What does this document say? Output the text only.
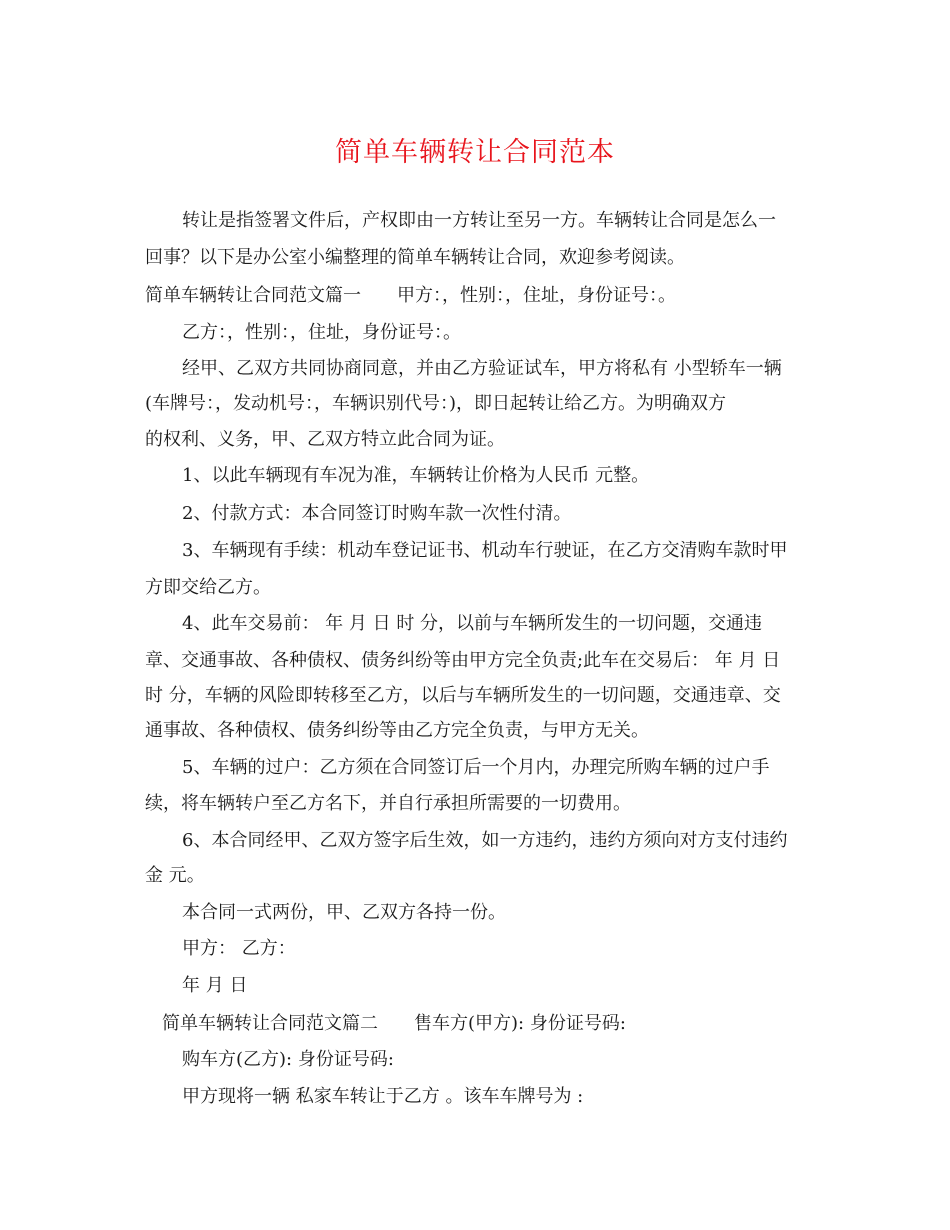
简单车辆转让合同范本
转让是指签署文件后，产权即由一方转让至另一方。车辆转让合同是怎么一
回事？以下是办公室小编整理的简单车辆转让合同，欢迎参考阅读。
简单车辆转让合同范文篇一　　甲方：，性别：，住址，身份证号：。
乙方：，性别：，住址，身份证号：。
经甲、乙双方共同协商同意，并由乙方验证试车，甲方将私有 小型轿车一辆
(车牌号：，发动机号：，车辆识别代号：)，即日起转让给乙方。为明确双方
的权利、义务，甲、乙双方特立此合同为证。
1、以此车辆现有车况为准，车辆转让价格为人民币 元整。
2、付款方式：本合同签订时购车款一次性付清。
3、车辆现有手续：机动车登记证书、机动车行驶证，在乙方交清购车款时甲
方即交给乙方。
4、此车交易前： 年 月 日 时 分，以前与车辆所发生的一切问题，交通违
章、交通事故、各种债权、债务纠纷等由甲方完全负责;此车在交易后： 年 月 日
时 分，车辆的风险即转移至乙方，以后与车辆所发生的一切问题，交通违章、交
通事故、各种债权、债务纠纷等由乙方完全负责，与甲方无关。
5、车辆的过户：乙方须在合同签订后一个月内，办理完所购车辆的过户手
续，将车辆转户至乙方名下，并自行承担所需要的一切费用。
6、本合同经甲、乙双方签字后生效，如一方违约，违约方须向对方支付违约
金 元。
本合同一式两份，甲、乙双方各持一份。
甲方： 乙方：
年 月 日
简单车辆转让合同范文篇二　　售车方(甲方): 身份证号码:
购车方(乙方): 身份证号码:
甲方现将一辆 私家车转让于乙方 。该车车牌号为 :
